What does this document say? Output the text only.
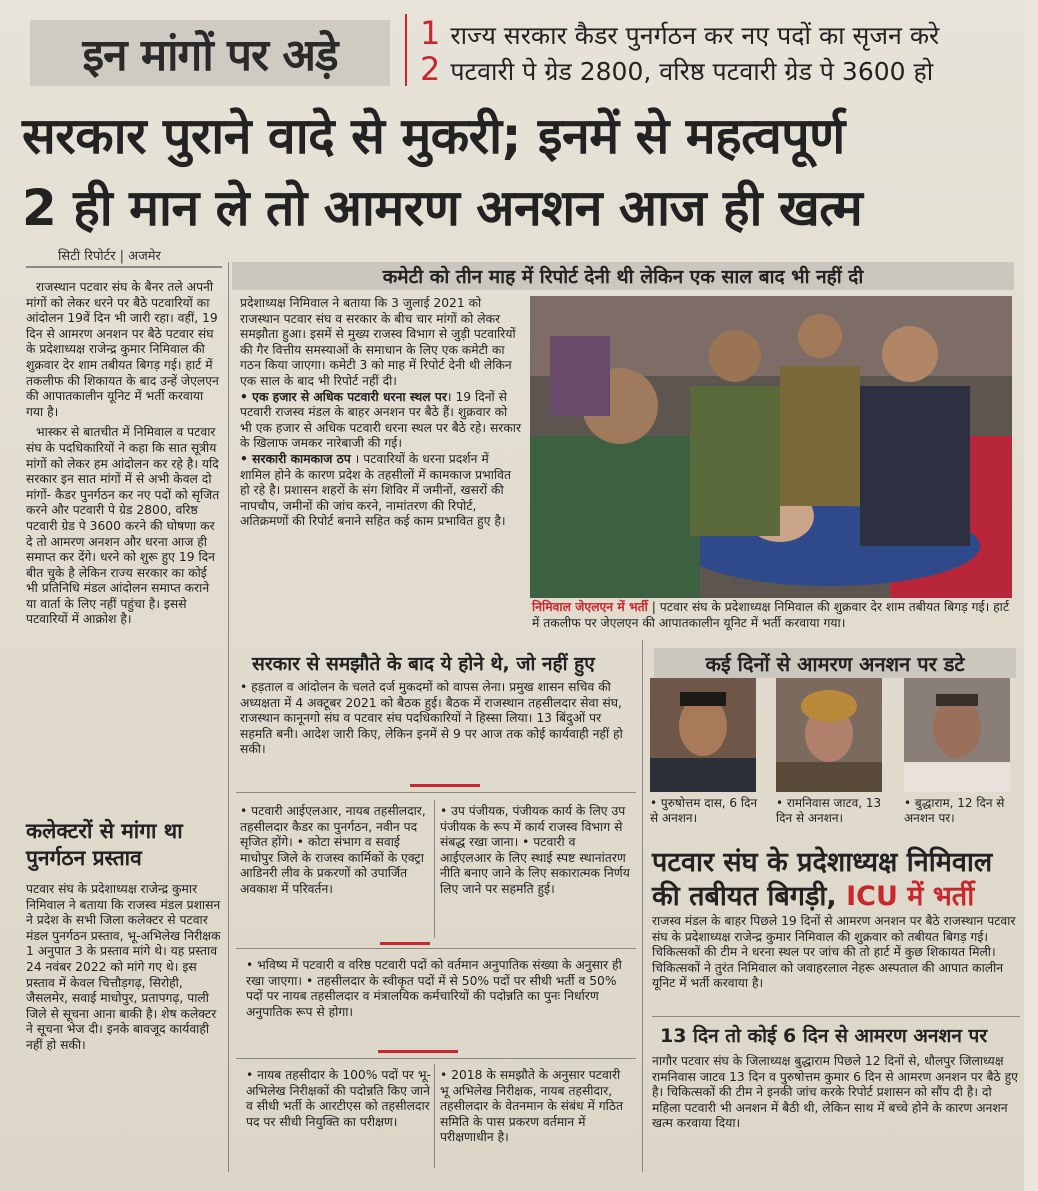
इन मांगों पर अड़े	1 राज्य सरकार कैडर पुनर्गठन कर नए पदों का सृजन करे
2 पटवारी पे ग्रेड 2800, वरिष्ठ पटवारी ग्रेड पे 3600 हो
सरकार पुराने वादे से मुकरी; इनमें से महत्वपूर्ण
2 ही मान ले तो आमरण अनशन आज ही खत्म
सिटी रिपोर्टर | अजमेर

राजस्थान पटवार संघ के बैनर तले अपनी मांगों को लेकर धरने पर बैठे पटवारियों का आंदोलन 19वें दिन भी जारी रहा। वहीं, 19 दिन से आमरण अनशन पर बैठे पटवार संघ के प्रदेशाध्यक्ष राजेन्द्र कुमार निमिवाल की शुक्रवार देर शाम तबीयत बिगड़ गई। हार्ट में तकलीफ की शिकायत के बाद उन्हें जेएलएन की आपातकालीन यूनिट में भर्ती करवाया गया है।

भास्कर से बातचीत में निमिवाल व पटवार संघ के पदधिकारियों ने कहा कि सात सूत्रीय मांगों को लेकर हम आंदोलन कर रहे है। यदि सरकार इन सात मांगों में से अभी केवल दो मांगों- कैडर पुनर्गठन कर नए पदों को सृजित करने और पटवारी पे ग्रेड 2800, वरिष्ठ पटवारी ग्रेड पे 3600 करने की घोषणा कर दे तो आमरण अनशन और धरना आज ही समाप्त कर देंगे। धरने को शुरू हुए 19 दिन बीत चुके है लेकिन राज्य सरकार का कोई भी प्रतिनिधि मंडल आंदोलन समाप्त कराने या वार्ता के लिए नहीं पहुंचा है। इससे पटवारियों में आक्रोश है।

कलेक्टरों से मांगा था पुनर्गठन प्रस्ताव

पटवार संघ के प्रदेशाध्यक्ष राजेन्द्र कुमार निमिवाल ने बताया कि राजस्व मंडल प्रशासन ने प्रदेश के सभी जिला कलेक्टर से पटवार मंडल पुनर्गठन प्रस्ताव, भू-अभिलेख निरीक्षक 1 अनुपात 3 के प्रस्ताव मांगे थे। यह प्रस्ताव 24 नवंबर 2022 को मांगे गए थे। इस प्रस्ताव में केवल चित्तौड़गढ़, सिरोही, जैसलमेर, सवाई माधोपुर, प्रतापगढ़, पाली जिले से सूचना आना बाकी है। शेष कलेक्टर ने सूचना भेज दी। इनके बावजूद कार्यवाही नहीं हो सकी।

कमेटी को तीन माह में रिपोर्ट देनी थी लेकिन एक साल बाद भी नहीं दी

प्रदेशाध्यक्ष निमिवाल ने बताया कि 3 जुलाई 2021 को राजस्थान पटवार संघ व सरकार के बीच चार मांगों को लेकर समझौता हुआ। इसमें से मुख्य राजस्व विभाग से जुड़ी पटवारियों की गैर वित्तीय समस्याओं के समाधान के लिए एक कमेटी का गठन किया जाएगा। कमेटी 3 को माह में रिपोर्ट देनी थी लेकिन एक साल के बाद भी रिपोर्ट नहीं दी।

• एक हजार से अधिक पटवारी धरना स्थल पर। 19 दिनों से पटवारी राजस्व मंडल के बाहर अनशन पर बैठे हैं। शुक्रवार को भी एक हजार से अधिक पटवारी धरना स्थल पर बैठे रहे। सरकार के खिलाफ जमकर नारेबाजी की गई।

• सरकारी कामकाज ठप । पटवारियों के धरना प्रदर्शन में शामिल होने के कारण प्रदेश के तहसीलों में कामकाज प्रभावित हो रहे है। प्रशासन शहरों के संग शिविर में जमीनों, खसरों की नापचौप, जमीनों की जांच करने, नामांतरण की रिपोर्ट, अतिक्रमणों की रिपोर्ट बनाने सहित कई काम प्रभावित हुए है।

निमिवाल जेएलएन में भर्ती | पटवार संघ के प्रदेशाध्यक्ष निमिवाल की शुक्रवार देर शाम तबीयत बिगड़ गई। हार्ट में तकलीफ पर जेएलएन की आपातकालीन यूनिट में भर्ती करवाया गया।
सरकार से समझौते के बाद ये होने थे, जो नहीं हुए

• हड़ताल व आंदोलन के चलते दर्ज मुकदमों को वापस लेना। प्रमुख शासन सचिव की अध्यक्षता में 4 अक्टूबर 2021 को बैठक हुई। बैठक में राजस्थान तहसीलदार सेवा संघ, राजस्थान कानूनगो संघ व पटवार संघ पदधिकारियों ने हिस्सा लिया। 13 बिंदुओं पर सहमति बनी। आदेश जारी किए, लेकिन इनमें से 9 पर आज तक कोई कार्यवाही नहीं हो सकी।

• पटवारी आईएलआर, नायब तहसीलदार, तहसीलदार कैडर का पुनर्गठन, नवीन पद सृजित होंगे। • कोटा संभाग व सवाई माधोपुर जिले के राजस्व कार्मिकों के एक्ट्रा आडिनरी लीव के प्रकरणों को उपार्जित अवकाश में परिवर्तन।

• उप पंजीयक, पंजीयक कार्य के लिए उप पंजीयक के रूप में कार्य राजस्व विभाग से संबद्ध रखा जाना। • पटवारी व आईएलआर के लिए स्थाई स्पष्ट स्थानांतरण नीति बनाए जाने के लिए सकारात्मक निर्णय लिए जाने पर सहमति हुई।

• भविष्य में पटवारी व वरिष्ठ पटवारी पदों को वर्तमान अनुपातिक संख्या के अनुसार ही रखा जाएगा। • तहसीलदार के स्वीकृत पदों में से 50% पदों पर सीधी भर्ती व 50% पदों पर नायब तहसीलदार व मंत्रालयिक कर्मचारियों की पदोन्नति का पुनः निर्धारण अनुपातिक रूप से होगा।

• नायब तहसीदार के 100% पदों पर भू-अभिलेख निरीक्षकों की पदोन्नति किए जाने व सीधी भर्ती के आरटीएस को तहसीलदार पद पर सीधी नियुक्ति का परीक्षण।

• 2018 के समझौते के अनुसार पटवारी भू अभिलेख निरीक्षक, नायब तहसीदार, तहसीलदार के वेतनमान के संबंध में गठित समिति के पास प्रकरण वर्तमान में परीक्षणाधीन है।

कई दिनों से आमरण अनशन पर डटे
• पुरुषोत्तम दास, 6 दिन से अनशन।
• रामनिवास जाटव, 13 दिन से अनशन।
• बुद्धाराम, 12 दिन से अनशन पर।
पटवार संघ के प्रदेशाध्यक्ष निमिवाल की तबीयत बिगड़ी, ICU में भर्ती

राजस्व मंडल के बाहर पिछले 19 दिनों से आमरण अनशन पर बैठे राजस्थान पटवार संघ के प्रदेशाध्यक्ष राजेन्द्र कुमार निमिवाल की शुक्रवार को तबीयत बिगड़ गई। चिकित्सकों की टीम ने धरना स्थल पर जांच की तो हार्ट में कुछ शिकायत मिली। चिकित्सकों ने तुरंत निमिवाल को जवाहरलाल नेहरू अस्पताल की आपात कालीन यूनिट में भर्ती करवाया है।

13 दिन तो कोई 6 दिन से आमरण अनशन पर

नागौर पटवार संघ के जिलाध्यक्ष बुद्धाराम पिछले 12 दिनों से, धौलपुर जिलाध्यक्ष रामनिवास जाटव 13 दिन व पुरुषोत्तम कुमार 6 दिन से आमरण अनशन पर बैठे हुए है। चिकित्सकों की टीम ने इनकी जांच करके रिपोर्ट प्रशासन को सौंप दी है। दो महिला पटवारी भी अनशन में बैठी थी, लेकिन साथ में बच्चे होने के कारण अनशन खत्म करवाया दिया।
